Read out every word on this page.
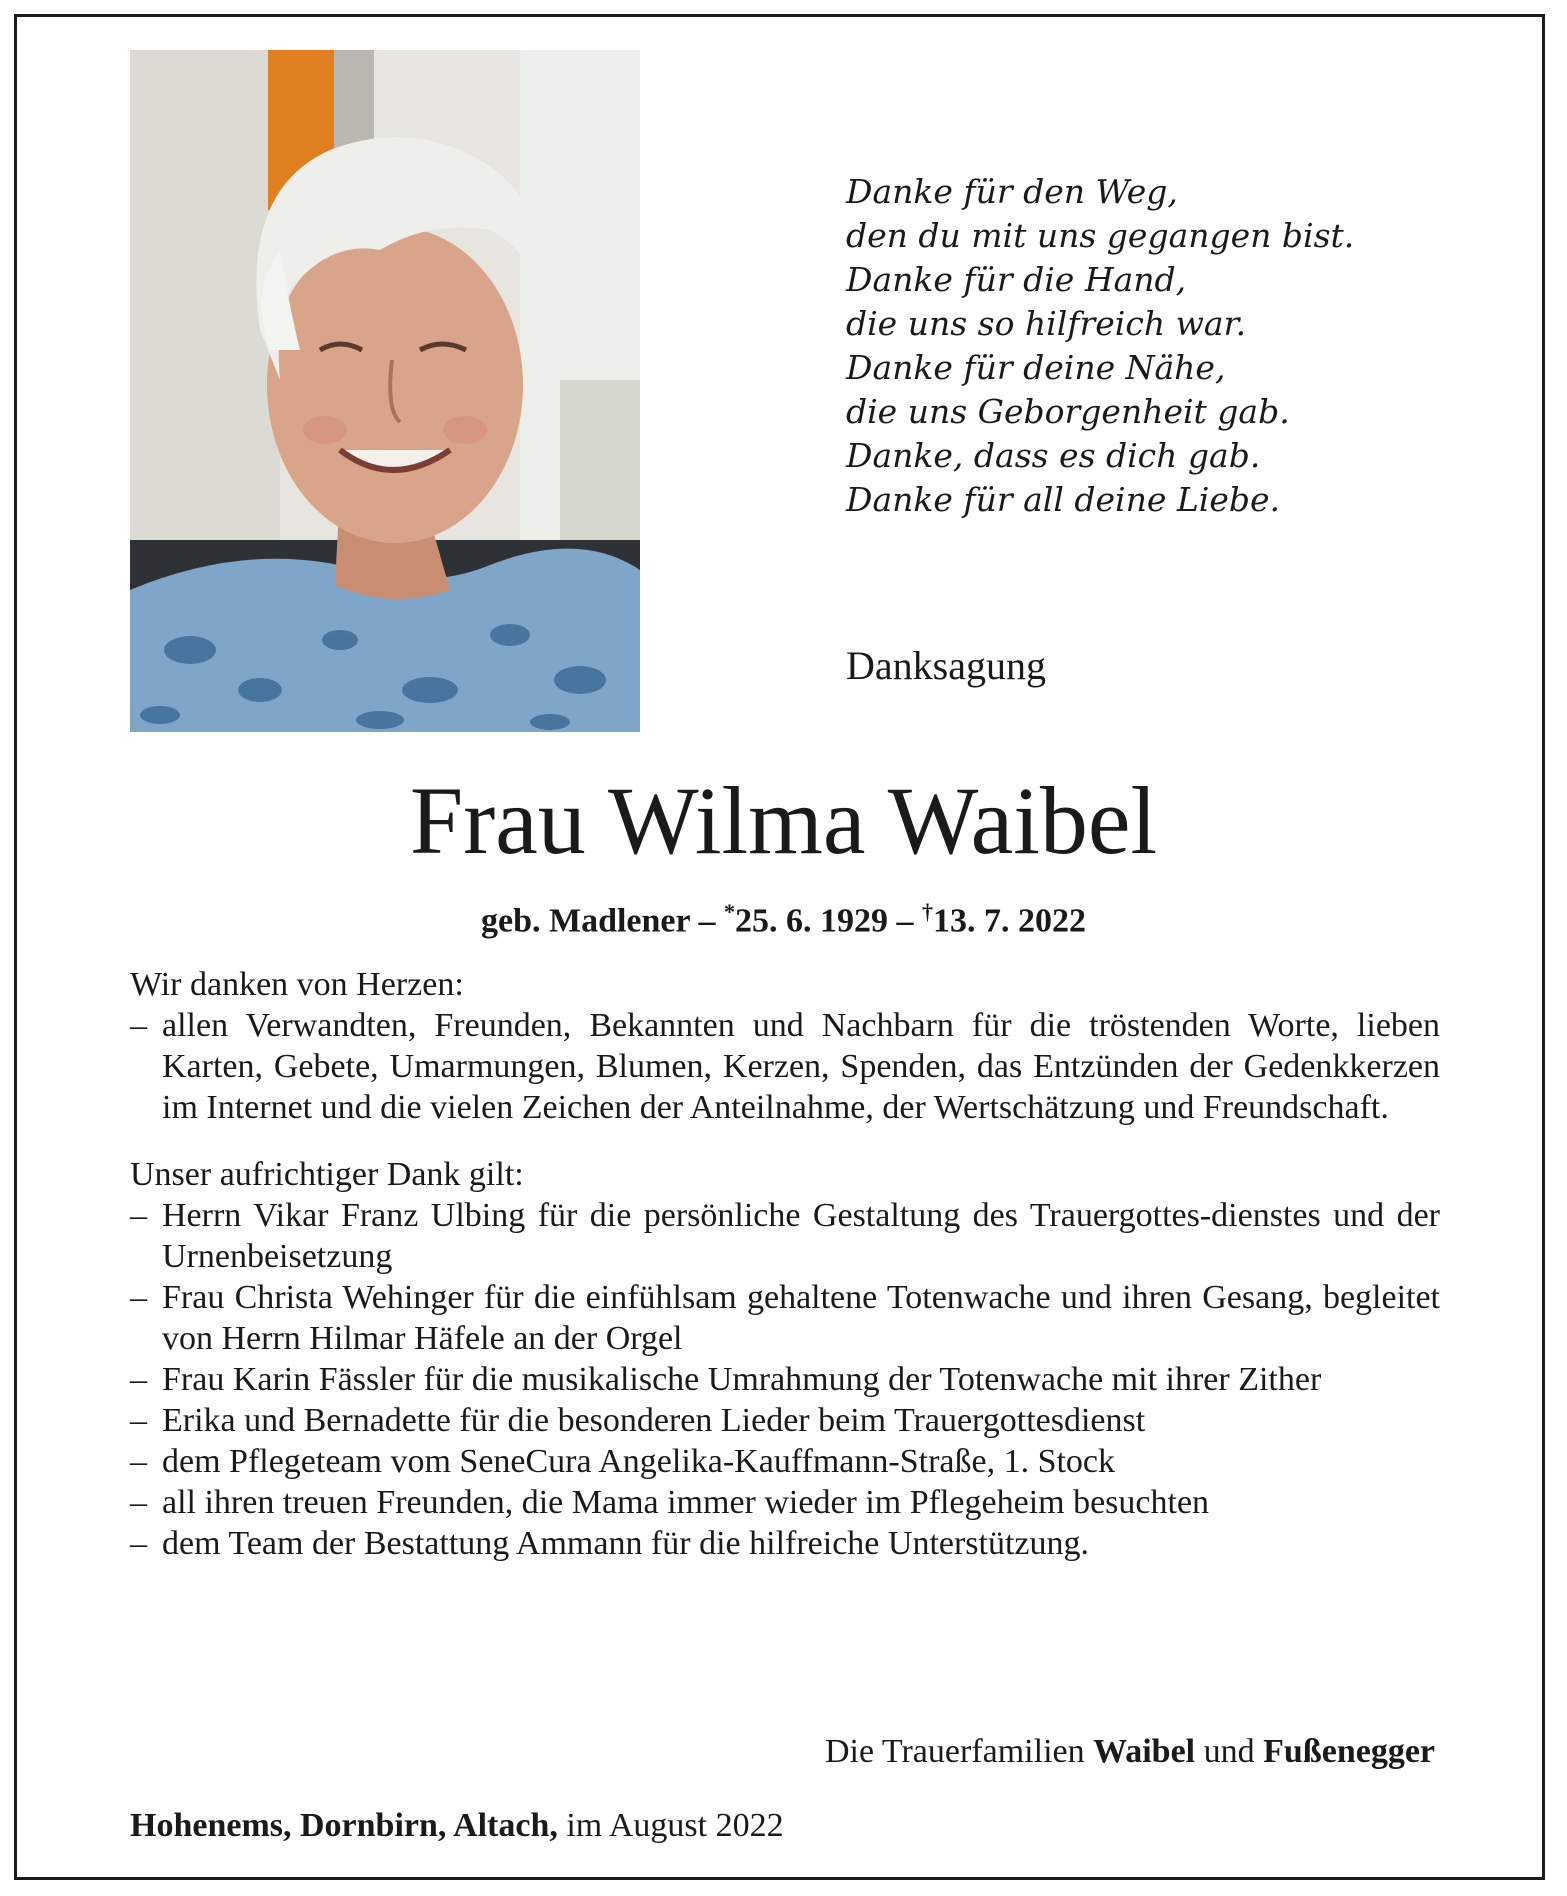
Danke für den Weg,
den du mit uns gegangen bist.
Danke für die Hand,
die uns so hilfreich war.
Danke für deine Nähe,
die uns Geborgenheit gab.
Danke, dass es dich gab.
Danke für all deine Liebe.
Danksagung
Frau Wilma Waibel
geb. Madlener – *25. 6. 1929 – †13. 7. 2022

Wir danken von Herzen:

– allen Verwandten, Freunden, Bekannten und Nachbarn für die tröstenden Worte, lieben Karten, Gebete, Umarmungen, Blumen, Kerzen, Spenden, das Entzünden der Gedenkkerzen im Internet und die vielen Zeichen der Anteilnahme, der Wertschätzung und Freundschaft.

Unser aufrichtiger Dank gilt:

– Herrn Vikar Franz Ulbing für die persönliche Gestaltung des Trauergottes-dienstes und der Urnenbeisetzung
– Frau Christa Wehinger für die einfühlsam gehaltene Totenwache und ihren Gesang, begleitet von Herrn Hilmar Häfele an der Orgel
– Frau Karin Fässler für die musikalische Umrahmung der Totenwache mit ihrer Zither
– Erika und Bernadette für die besonderen Lieder beim Trauergottesdienst
– dem Pflegeteam vom SeneCura Angelika-Kauffmann-Straße, 1. Stock
– all ihren treuen Freunden, die Mama immer wieder im Pflegeheim besuchten
– dem Team der Bestattung Ammann für die hilfreiche Unterstützung.
Die Trauerfamilien Waibel und Fußenegger
Hohenems, Dornbirn, Altach, im August 2022
